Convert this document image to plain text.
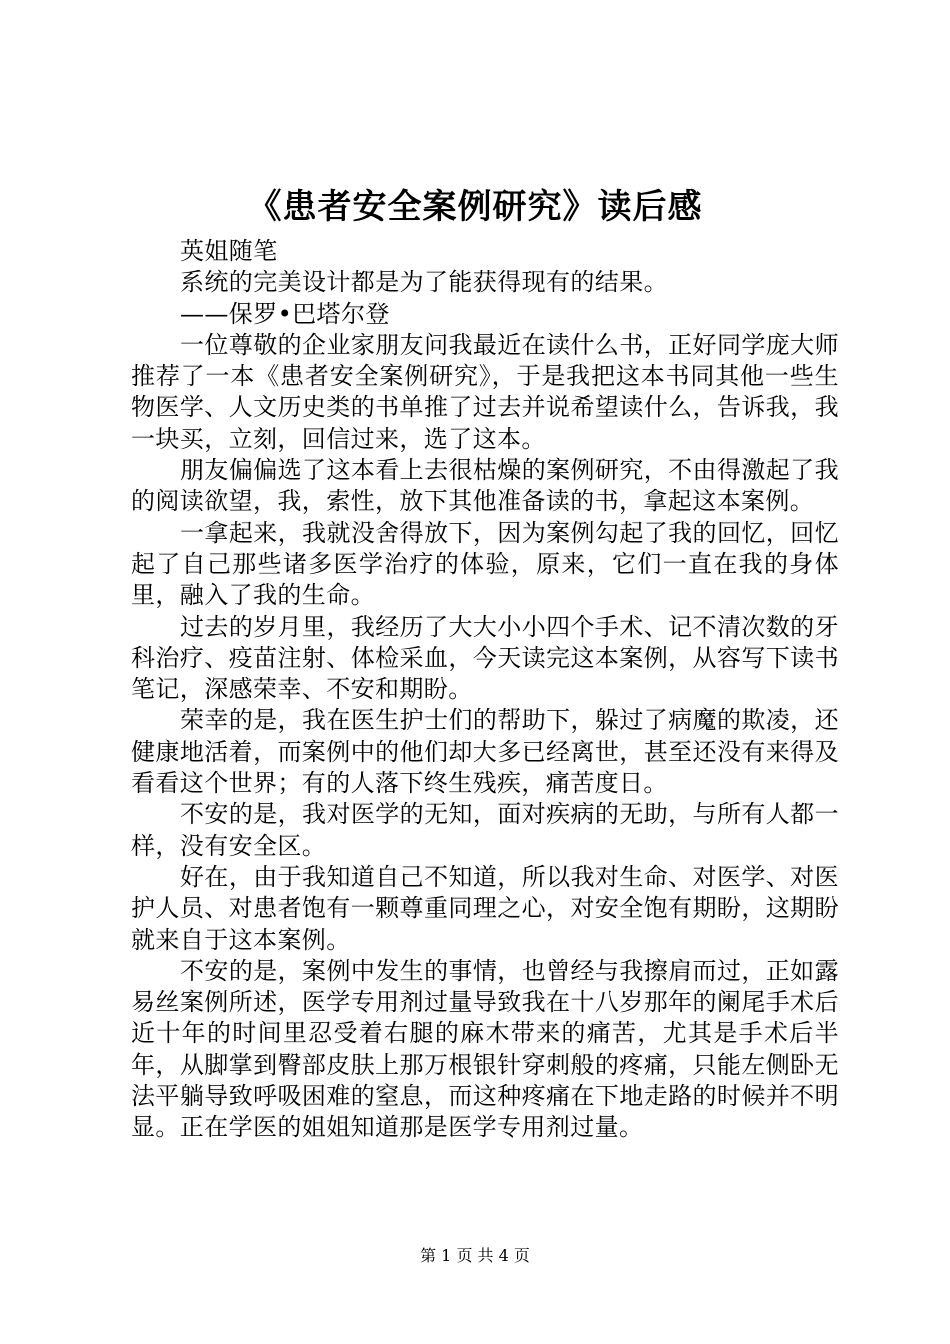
《患者安全案例研究》读后感

英姐随笔

系统的完美设计都是为了能获得现有的结果。

——保罗•巴塔尔登

一位尊敬的企业家朋友问我最近在读什么书，正好同学庞大师推荐了一本《患者安全案例研究》，于是我把这本书同其他一些生物医学、人文历史类的书单推了过去并说希望读什么，告诉我，我一块买，立刻，回信过来，选了这本。

朋友偏偏选了这本看上去很枯燥的案例研究，不由得激起了我的阅读欲望，我，索性，放下其他准备读的书，拿起这本案例。

一拿起来，我就没舍得放下，因为案例勾起了我的回忆，回忆起了自己那些诸多医学治疗的体验，原来，它们一直在我的身体里，融入了我的生命。

过去的岁月里，我经历了大大小小四个手术、记不清次数的牙科治疗、疫苗注射、体检采血，今天读完这本案例，从容写下读书笔记，深感荣幸、不安和期盼。

荣幸的是，我在医生护士们的帮助下，躲过了病魔的欺凌，还健康地活着，而案例中的他们却大多已经离世，甚至还没有来得及看看这个世界；有的人落下终生残疾，痛苦度日。

不安的是，我对医学的无知，面对疾病的无助，与所有人都一样，没有安全区。

好在，由于我知道自己不知道，所以我对生命、对医学、对医护人员、对患者饱有一颗尊重同理之心，对安全饱有期盼，这期盼就来自于这本案例。

不安的是，案例中发生的事情，也曾经与我擦肩而过，正如露易丝案例所述，医学专用剂过量导致我在十八岁那年的阑尾手术后近十年的时间里忍受着右腿的麻木带来的痛苦，尤其是手术后半年，从脚掌到臀部皮肤上那万根银针穿刺般的疼痛，只能左侧卧无法平躺导致呼吸困难的窒息，而这种疼痛在下地走路的时候并不明显。正在学医的姐姐知道那是医学专用剂过量。

第 1 页 共 4 页
